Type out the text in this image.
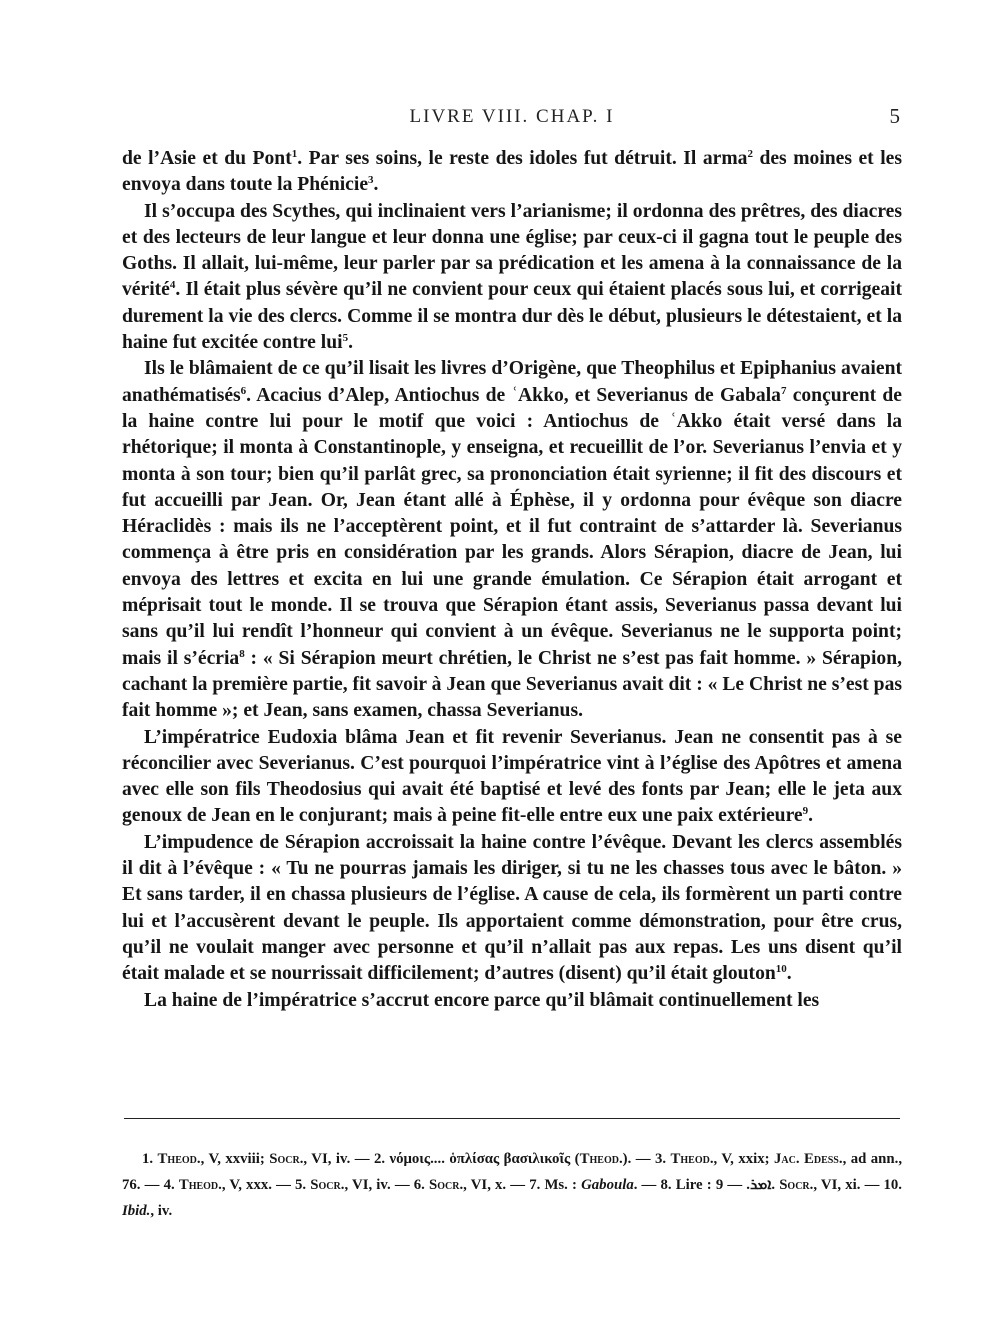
LIVRE VIII. CHAP. I	5

de l’Asie et du Pont$^1$. Par ses soins, le reste des idoles fut détruit. Il arma$^2$ des moines et les envoya dans toute la Phénicie$^3$.

Il s’occupa des Scythes, qui inclinaient vers l’arianisme; il ordonna des prêtres, des diacres et des lecteurs de leur langue et leur donna une église; par ceux-ci il gagna tout le peuple des Goths. Il allait, lui-même, leur parler par sa prédication et les amena à la connaissance de la vérité$^4$. Il était plus sévère qu’il ne convient pour ceux qui étaient placés sous lui, et corrigeait durement la vie des clercs. Comme il se montra dur dès le début, plusieurs le détestaient, et la haine fut excitée contre lui$^5$.

Ils le blâmaient de ce qu’il lisait les livres d’Origène, que Theophilus et Epiphanius avaient anathématisés$^6$. Acacius d’Alep, Antiochus de ʿAkko, et Severianus de Gabala$^7$ conçurent de la haine contre lui pour le motif que voici : Antiochus de ʿAkko était versé dans la rhétorique; il monta à Constantinople, y enseigna, et recueillit de l’or. Severianus l’envia et y monta à son tour; bien qu’il parlât grec, sa prononciation était syrienne; il fit des discours et fut accueilli par Jean. Or, Jean étant allé à Éphèse, il y ordonna pour évêque son diacre Héraclidès : mais ils ne l’acceptèrent point, et il fut contraint de s’attarder là. Severianus commença à être pris en considération par les grands. Alors Sérapion, diacre de Jean, lui envoya des lettres et excita en lui une grande émulation. Ce Sérapion était arrogant et méprisait tout le monde. Il se trouva que Sérapion étant assis, Severianus passa devant lui sans qu’il lui rendît l’honneur qui convient à un évêque. Severianus ne le supporta point; mais il s’écria$^8$ : « Si Sérapion meurt chrétien, le Christ ne s’est pas fait homme. » Sérapion, cachant la première partie, fit savoir à Jean que Severianus avait dit : « Le Christ ne s’est pas fait homme »; et Jean, sans examen, chassa Severianus.

L’impératrice Eudoxia blâma Jean et fit revenir Severianus. Jean ne consentit pas à se réconcilier avec Severianus. C’est pourquoi l’impératrice vint à l’église des Apôtres et amena avec elle son fils Theodosius qui avait été baptisé et levé des fonts par Jean; elle le jeta aux genoux de Jean en le conjurant; mais à peine fit-elle entre eux une paix extérieure$^9$.

L’impudence de Sérapion accroissait la haine contre l’évêque. Devant les clercs assemblés il dit à l’évêque : « Tu ne pourras jamais les diriger, si tu ne les chasses tous avec le bâton. » Et sans tarder, il en chassa plusieurs de l’église. A cause de cela, ils formèrent un parti contre lui et l’accusèrent devant le peuple. Ils apportaient comme démonstration, pour être crus, qu’il ne voulait manger avec personne et qu’il n’allait pas aux repas. Les uns disent qu’il était malade et se nourrissait difficilement; d’autres (disent) qu’il était glouton$^{10}$.

La haine de l’impératrice s’accrut encore parce qu’il blâmait continuellement les

1. Theod., V, xxviii; Socr., VI, iv. — 2. νόμοις.... ὁπλίσας βασιλικοῖς (Theod.). — 3. Theod., V, xxix; Jac. Edess., ad ann., 76. — 4. Theod., V, xxx. — 5. Socr., VI, iv. — 6. Socr., VI, x. — 7. Ms. : Gaboula. — 8. Lire : ܐܡܪ. — 9. Socr., VI, xi. — 10. Ibid., iv.
